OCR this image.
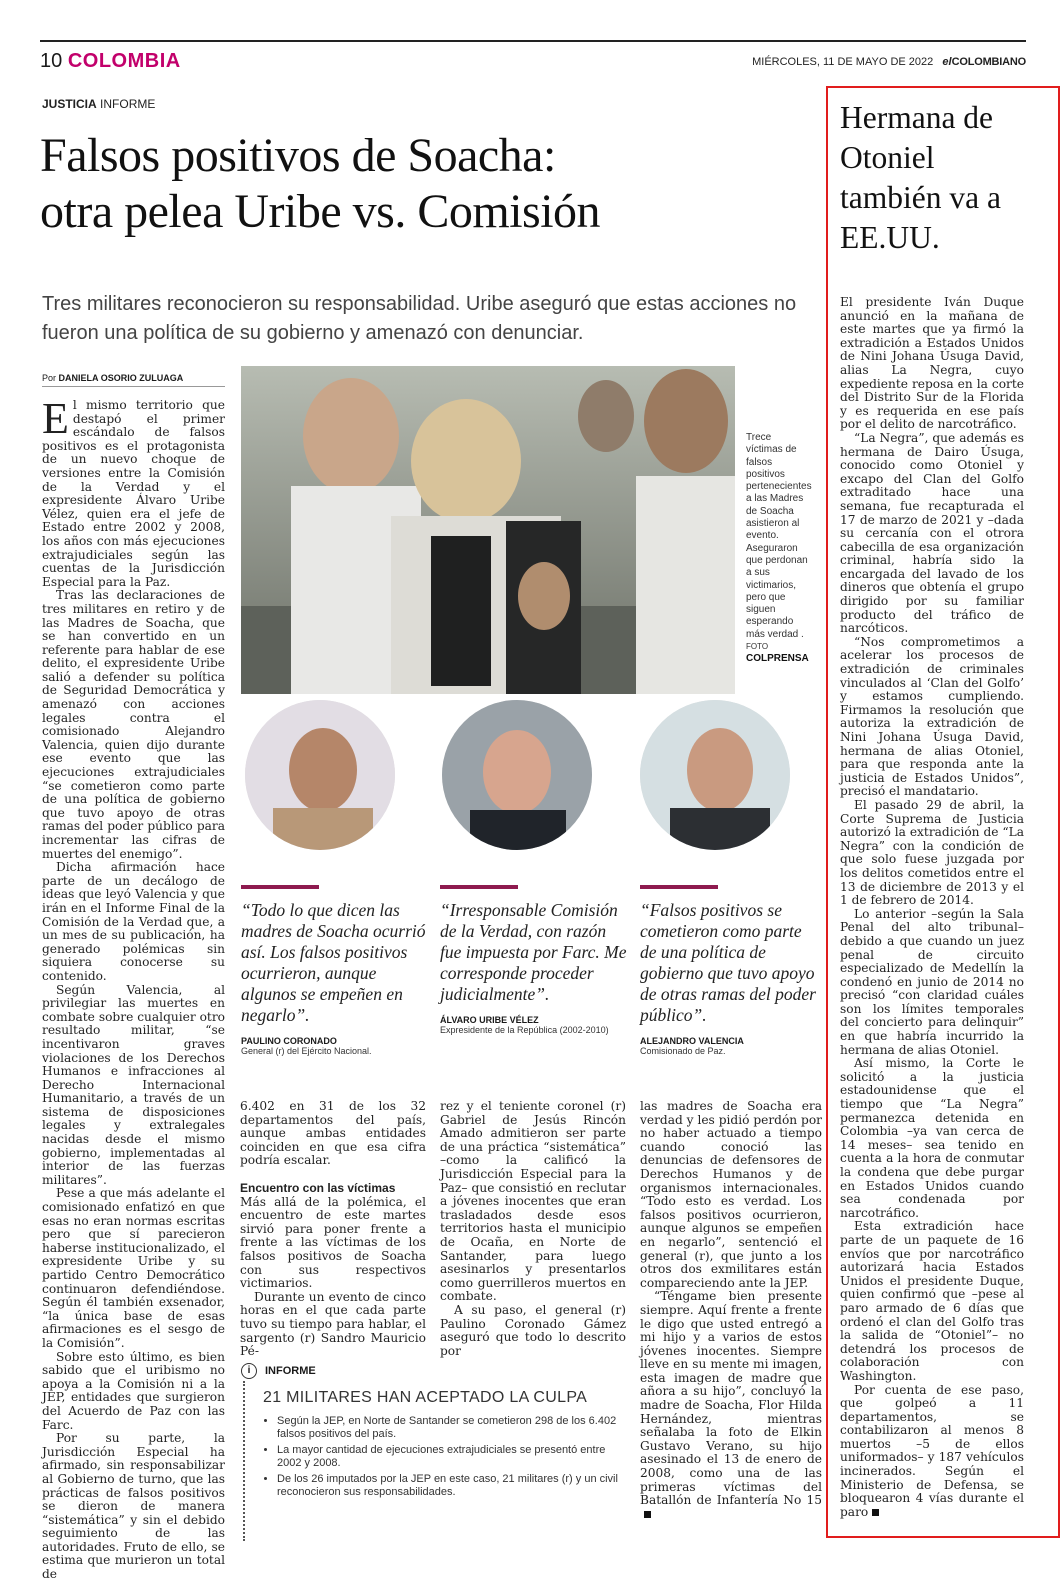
10 COLOMBIA	MIÉRCOLES, 11 DE MAYO DE 2022 elCOLOMBIANO
JUSTICIA INFORME
Falsos positivos de Soacha:
otra pelea Uribe vs. Comisión
Tres militares reconocieron su responsabilidad. Uribe aseguró que estas acciones no fueron una política de su gobierno y amenazó con denunciar.
Por DANIELA OSORIO ZULUAGA

El mismo territorio que destapó el primer escándalo de falsos positivos es el protagonista de un nuevo choque de versiones entre la Comisión de la Verdad y el expresidente Álvaro Uribe Vélez, quien era el jefe de Estado entre 2002 y 2008, los años con más ejecuciones extrajudiciales según las cuentas de la Jurisdicción Especial para la Paz.

Tras las declaraciones de tres militares en retiro y de las Madres de Soacha, que se han convertido en un referente para hablar de ese delito, el expresidente Uribe salió a defender su política de Seguridad Democrática y amenazó con acciones legales contra el comisionado Alejandro Valencia, quien dijo durante ese evento que las ejecuciones extrajudiciales “se cometieron como parte de una política de gobierno que tuvo apoyo de otras ramas del poder público para incrementar las cifras de muertes del enemigo”.

Dicha afirmación hace parte de un decálogo de ideas que leyó Valencia y que irán en el Informe Final de la Comisión de la Verdad que, a un mes de su publicación, ha generado polémicas sin siquiera conocerse su contenido.

Según Valencia, al privilegiar las muertes en combate sobre cualquier otro resultado militar, “se incentivaron graves violaciones de los Derechos Humanos e infracciones al Derecho Internacional Humanitario, a través de un sistema de disposiciones legales y extralegales nacidas desde el mismo gobierno, implementadas al interior de las fuerzas militares”.

Pese a que más adelante el comisionado enfatizó en que esas no eran normas escritas pero que sí parecieron haberse institucionalizado, el expresidente Uribe y su partido Centro Democrático continuaron defendiéndose. Según él también exsenador, “la única base de esas afirmaciones es el sesgo de la Comisión”.

Sobre esto último, es bien sabido que el uribismo no apoya a la Comisión ni a la JEP, entidades que surgieron del Acuerdo de Paz con las Farc.

Por su parte, la Jurisdicción Especial ha afirmado, sin responsabilizar al Gobierno de turno, que las prácticas de falsos positivos se dieron de manera “sistemática” y sin el debido seguimiento de las autoridades. Fruto de ello, se estima que murieron un total de

Trece víctimas de falsos positivos pertenecientes a las Madres de Soacha asistieron al evento. Aseguraron que perdonan a sus victimarios, pero que siguen esperando más verdad . FOTO COLPRENSA
“Todo lo que dicen las madres de Soacha ocurrió así. Los falsos positivos ocurrieron, aunque algunos se empeñen en negarlo”.
PAULINO CORONADO
General (r) del Ejército Nacional.
“Irresponsable Comisión de la Verdad, con razón fue impuesta por Farc. Me corresponde proceder judicialmente”.
ÁLVARO URIBE VÉLEZ
Expresidente de la República (2002-2010)
“Falsos positivos se cometieron como parte de una política de gobierno que tuvo apoyo de otras ramas del poder público”.
ALEJANDRO VALENCIA
Comisionado de Paz.

6.402 en 31 de los 32 departamentos del país, aunque ambas entidades coinciden en que esa cifra podría escalar.

Encuentro con las víctimas

Más allá de la polémica, el encuentro de este martes sirvió para poner frente a frente a las víctimas de los falsos positivos de Soacha con sus respectivos victimarios.

Durante un evento de cinco horas en el que cada parte tuvo su tiempo para hablar, el sargento (r) Sandro Mauricio Pé-

rez y el teniente coronel (r) Gabriel de Jesús Rincón Amado admitieron ser parte de una práctica “sistemática” –como la calificó la Jurisdicción Especial para la Paz– que consistió en reclutar a jóvenes inocentes que eran trasladados desde esos territorios hasta el municipio de Ocaña, en Norte de Santander, para luego asesinarlos y presentarlos como guerrilleros muertos en combate.

A su paso, el general (r) Paulino Coronado Gámez aseguró que todo lo descrito por

las madres de Soacha era verdad y les pidió perdón por no haber actuado a tiempo cuando conoció las denuncias de defensores de Derechos Humanos y de organismos internacionales. “Todo esto es verdad. Los falsos positivos ocurrieron, aunque algunos se empeñen en negarlo”, sentenció el general (r), que junto a los otros dos exmilitares están compareciendo ante la JEP.

“Téngame bien presente siempre. Aquí frente a frente le digo que usted entregó a mi hijo y a varios de estos jóvenes inocentes. Siempre lleve en su mente mi imagen, esta imagen de madre que añora a su hijo”, concluyó la madre de Soacha, Flor Hilda Hernández, mientras señalaba la foto de Elkin Gustavo Verano, su hijo asesinado el 13 de enero de 2008, como una de las primeras víctimas del Batallón de Infantería No 15

i	INFORME
21 MILITARES HAN ACEPTADO LA CULPA
• Según la JEP, en Norte de Santander se cometieron 298 de los 6.402 falsos positivos del país.
• La mayor cantidad de ejecuciones extrajudiciales se presentó entre 2002 y 2008.
• De los 26 imputados por la JEP en este caso, 21 militares (r) y un civil reconocieron sus responsabilidades.
Hermana de Otoniel también va a EE.UU.

El presidente Iván Duque anunció en la mañana de este martes que ya firmó la extradición a Estados Unidos de Nini Johana Úsuga David, alias La Negra, cuyo expediente reposa en la corte del Distrito Sur de la Florida y es requerida en ese país por el delito de narcotráfico.

“La Negra”, que además es hermana de Dairo Úsuga, conocido como Otoniel y excapo del Clan del Golfo extraditado hace una semana, fue recapturada el 17 de marzo de 2021 y –dada su cercanía con el otrora cabecilla de esa organización criminal, habría sido la encargada del lavado de los dineros que obtenía el grupo dirigido por su familiar producto del tráfico de narcóticos.

“Nos comprometimos a acelerar los procesos de extradición de criminales vinculados al ‘Clan del Golfo’ y estamos cumpliendo. Firmamos la resolución que autoriza la extradición de Nini Johana Úsuga David, hermana de alias Otoniel, para que responda ante la justicia de Estados Unidos”, precisó el mandatario.

El pasado 29 de abril, la Corte Suprema de Justicia autorizó la extradición de “La Negra” con la condición de que solo fuese juzgada por los delitos cometidos entre el 13 de diciembre de 2013 y el 1 de febrero de 2014.

Lo anterior –según la Sala Penal del alto tribunal– debido a que cuando un juez penal de circuito especializado de Medellín la condenó en junio de 2014 no precisó “con claridad cuáles son los límites temporales del concierto para delinquir” en que habría incurrido la hermana de alias Otoniel.

Así mismo, la Corte le solicitó a la justicia estadounidense que el tiempo que “La Negra” permanezca detenida en Colombia –ya van cerca de 14 meses– sea tenido en cuenta a la hora de conmutar la condena que debe purgar en Estados Unidos cuando sea condenada por narcotráfico.

Esta extradición hace parte de un paquete de 16 envíos que por narcotráfico autorizará hacia Estados Unidos el presidente Duque, quien confirmó que –pese al paro armado de 6 días que ordenó el clan del Golfo tras la salida de “Otoniel”– no detendrá los procesos de colaboración con Washington.

Por cuenta de ese paso, que golpeó a 11 departamentos, se contabilizaron al menos 8 muertos –5 de ellos uniformados– y 187 vehículos incinerados. Según el Ministerio de Defensa, se bloquearon 4 vías durante el paro
